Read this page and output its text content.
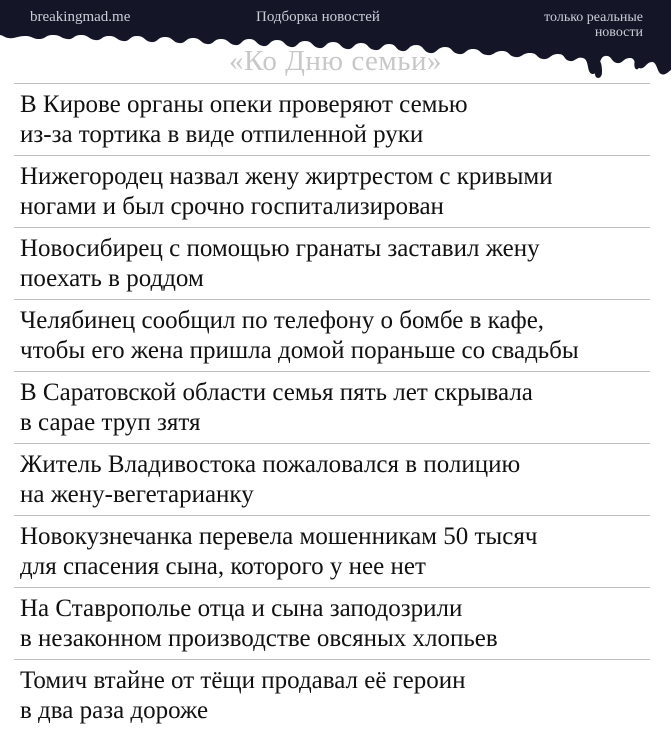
breakingmad.me	Подборка новостей	только реальные новости
«Ко Дню семьи»
В Кирове органы опеки проверяют семью
из-за тортика в виде отпиленной руки
Нижегородец назвал жену жиртрестом с кривыми
ногами и был срочно госпитализирован
Новосибирец с помощью гранаты заставил жену
поехать в роддом
Челябинец сообщил по телефону о бомбе в кафе,
чтобы его жена пришла домой пораньше со свадьбы
В Саратовской области семья пять лет скрывала
в сарае труп зятя
Житель Владивостока пожаловался в полицию
на жену-вегетарианку
Новокузнечанка перевела мошенникам 50 тысяч
для спасения сына, которого у нее нет
На Ставрополье отца и сына заподозрили
в незаконном производстве овсяных хлопьев
Томич втайне от тёщи продавал её героин
в два раза дороже
